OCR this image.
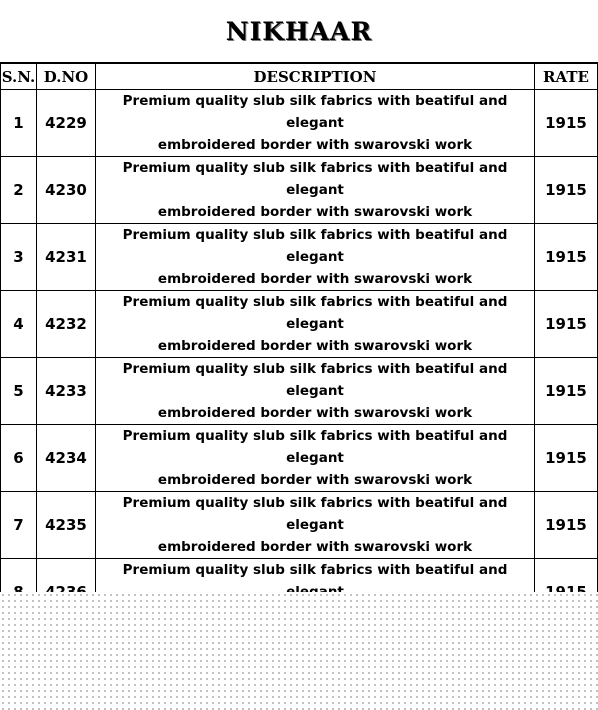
NIKHAAR
S.N.	D.NO	DESCRIPTION	RATE
1	4229	Premium quality slub silk fabrics with beatiful and elegant
embroidered border with swarovski work	1915
2	4230	Premium quality slub silk fabrics with beatiful and elegant
embroidered border with swarovski work	1915
3	4231	Premium quality slub silk fabrics with beatiful and elegant
embroidered border with swarovski work	1915
4	4232	Premium quality slub silk fabrics with beatiful and elegant
embroidered border with swarovski work	1915
5	4233	Premium quality slub silk fabrics with beatiful and elegant
embroidered border with swarovski work	1915
6	4234	Premium quality slub silk fabrics with beatiful and elegant
embroidered border with swarovski work	1915
7	4235	Premium quality slub silk fabrics with beatiful and elegant
embroidered border with swarovski work	1915

Premium quality slub silk fabrics with beatiful and
